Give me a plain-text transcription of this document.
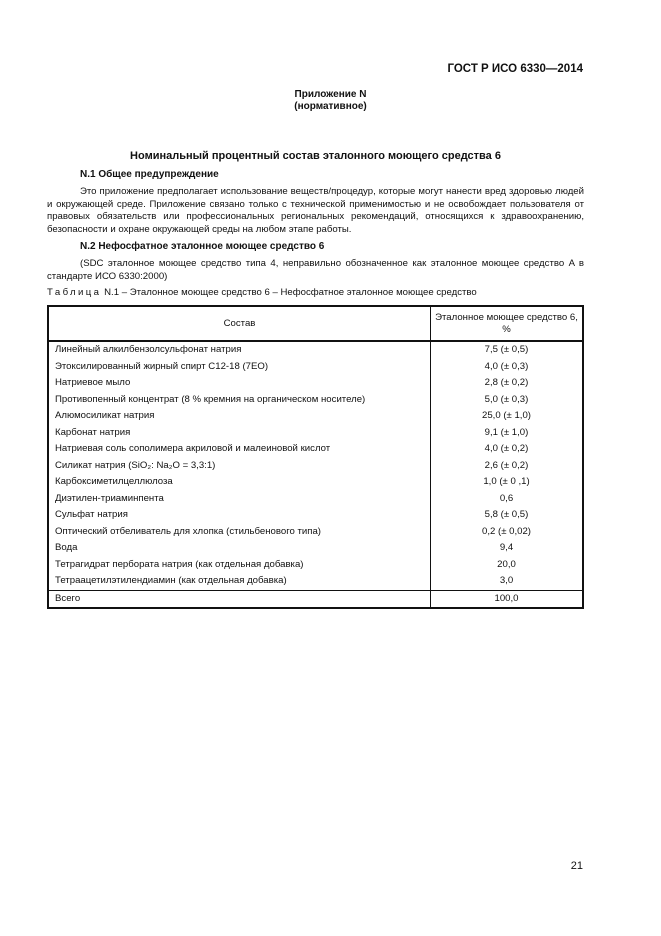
ГОСТ Р ИСО 6330—2014
Приложение N
(нормативное)
Номинальный процентный состав эталонного моющего средства 6
N.1 Общее предупреждение

Это приложение предполагает использование веществ/процедур, которые могут нанести вред здоровью людей и окружающей среде. Приложение связано только с технической применимостью и не освобождает пользователя от правовых обязательств или профессиональных региональных рекомендаций, относящихся к здравоохранению, безопасности и охране окружающей среды на любом этапе работы.

N.2 Нефосфатное эталонное моющее средство 6

(SDC эталонное моющее средство типа 4, неправильно обозначенное как эталонное моющее средство A в стандарте ИСО 6330:2000)

Таблица N.1 – Эталонное моющее средство 6 – Нефосфатное эталонное моющее средство
Состав	Эталонное моющее средство 6, %
Линейный алкилбензолсульфонат натрия	7,5 (± 0,5)
Этоксилированный жирный спирт C12-18 (7EO)	4,0 (± 0,3)
Натриевое мыло	2,8 (± 0,2)
Противопенный концентрат (8 % кремния на органическом носителе)	5,0 (± 0,3)
Алюмосиликат натрия	25,0 (± 1,0)
Карбонат натрия	9,1 (± 1,0)
Натриевая соль сополимера акриловой и малеиновой кислот	4,0 (± 0,2)
Силикат натрия (SiO₂: Na₂O = 3,3:1)	2,6 (± 0,2)
Карбоксиметилцеллюлоза	1,0 (± 0 ,1)
Диэтилен-триаминпента	0,6
Сульфат натрия	5,8 (± 0,5)
Оптический отбеливатель для хлопка (стильбенового типа)	0,2 (± 0,02)
Вода	9,4
Тетрагидрат пербората натрия (как отдельная добавка)	20,0
Тетраацетилэтилендиамин (как отдельная добавка)	3,0
Всего	100,0
21
